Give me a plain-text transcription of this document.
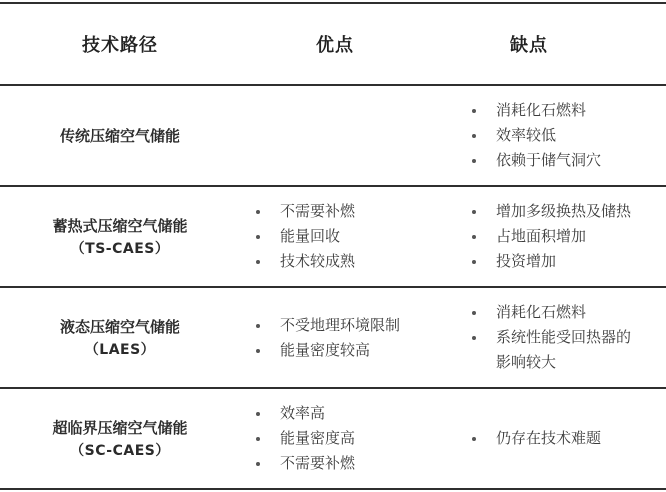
技术路径	优点	缺点
传统压缩空气储能
消耗化石燃料
效率较低
依赖于储气洞穴
蓄热式压缩空气储能
（TS-CAES）
不需要补燃
能量回收
技术较成熟
增加多级换热及储热
占地面积增加
投资增加
液态压缩空气储能
（LAES）
不受地理环境限制
能量密度较高
消耗化石燃料
系统性能受回热器的
影响较大
超临界压缩空气储能
（SC-CAES）
效率高
能量密度高
不需要补燃
仍存在技术难题
